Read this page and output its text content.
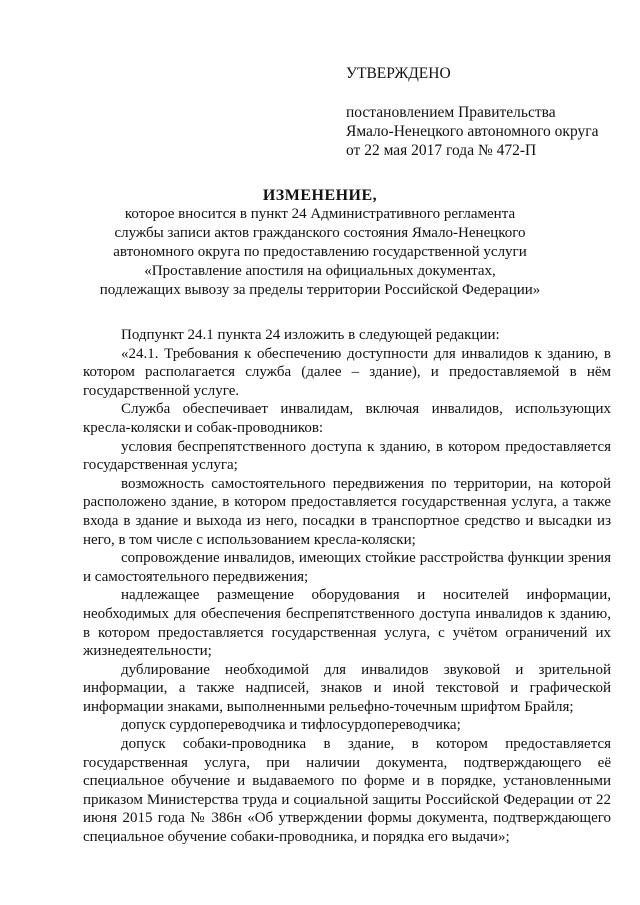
УТВЕРЖДЕНО
постановлением Правительства
Ямало-Ненецкого автономного округа
от 22 мая 2017 года № 472-П
ИЗМЕНЕНИЕ,
которое вносится в пункт 24 Административного регламента
службы записи актов гражданского состояния Ямало-Ненецкого
автономного округа по предоставлению государственной услуги
«Проставление апостиля на официальных документах,
подлежащих вывозу за пределы территории Российской Федерации»

Подпункт 24.1 пункта 24 изложить в следующей редакции:

«24.1. Требования к обеспечению доступности для инвалидов к зданию, в котором располагается служба (далее – здание), и предоставляемой в нём государственной услуге.

Служба обеспечивает инвалидам, включая инвалидов, использующих кресла-коляски и собак-проводников:

условия беспрепятственного доступа к зданию, в котором предоставляется государственная услуга;

возможность самостоятельного передвижения по территории, на которой расположено здание, в котором предоставляется государственная услуга, а также входа в здание и выхода из него, посадки в транспортное средство и высадки из него, в том числе с использованием кресла-коляски;

сопровождение инвалидов, имеющих стойкие расстройства функции зрения и самостоятельного передвижения;

надлежащее размещение оборудования и носителей информации, необходимых для обеспечения беспрепятственного доступа инвалидов к зданию, в котором предоставляется государственная услуга, с учётом ограничений их жизнедеятельности;

дублирование необходимой для инвалидов звуковой и зрительной информации, а также надписей, знаков и иной текстовой и графической информации знаками, выполненными рельефно-точечным шрифтом Брайля;

допуск сурдопереводчика и тифлосурдопереводчика;

допуск собаки-проводника в здание, в котором предоставляется государственная услуга, при наличии документа, подтверждающего её специальное обучение и выдаваемого по форме и в порядке, установленными приказом Министерства труда и социальной защиты Российской Федерации от 22 июня 2015 года № 386н «Об утверждении формы документа, подтверждающего специальное обучение собаки-проводника, и порядка его выдачи»;
